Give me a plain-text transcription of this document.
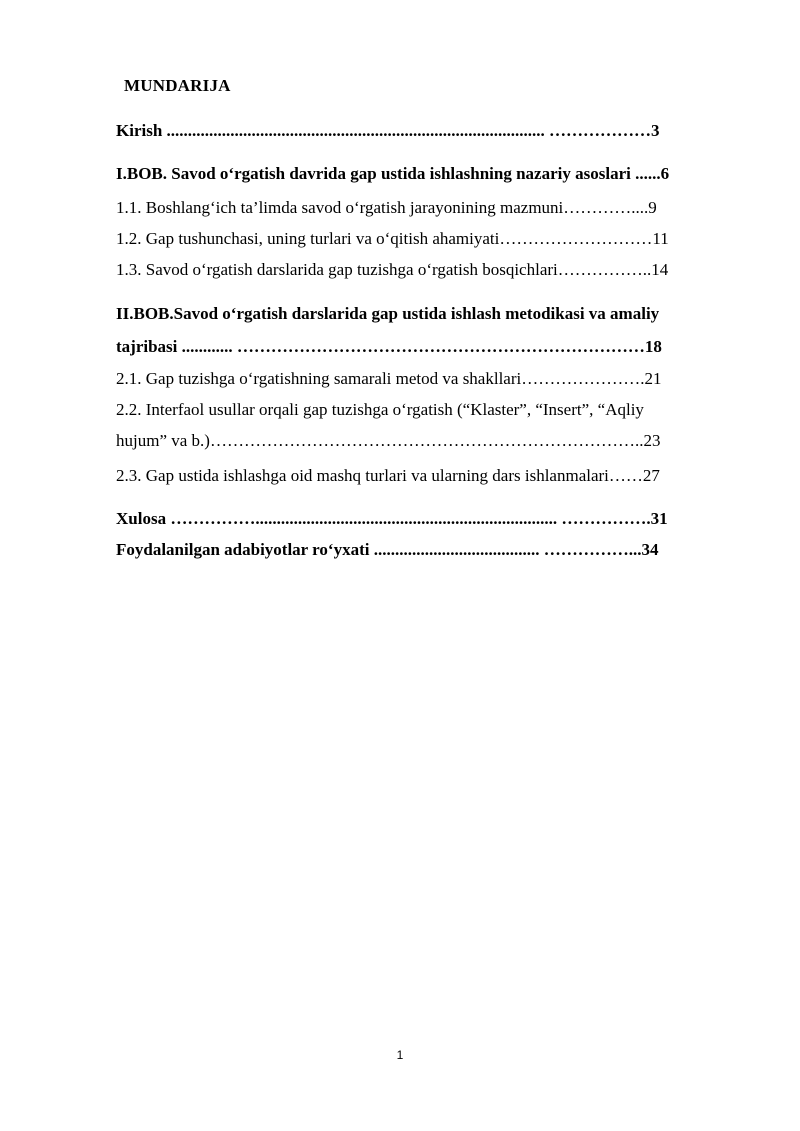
MUNDARIJA
Kirish ......................................................................................... ………………3
I.BOB. Savod o‘rgatish davrida gap ustida ishlashning nazariy asoslari ......6
1.1. Boshlang‘ich ta’limda savod o‘rgatish jarayonining mazmuni…………....9
1.2. Gap tushunchasi, uning turlari va o‘qitish ahamiyati………………………11
1.3. Savod o‘rgatish darslarida gap tuzishga o‘rgatish bosqichlari……………..14
II.BOB.Savod o‘rgatish darslarida gap ustida ishlash metodikasi va amaliy
tajribasi ............ ………………………………………………………………18
2.1. Gap tuzishga o‘rgatishning samarali metod va shakllari………………….21
2.2. Interfaol usullar orqali gap tuzishga o‘rgatish (“Klaster”, “Insert”, “Aqliy
hujum” va b.)…………………………………………………………………..23
2.3. Gap ustida ishlashga oid mashq turlari va ularning dars ishlanmalari……27
Xulosa ……………....................................................................... …………….31
Foydalanilgan adabiyotlar ro‘yxati ....................................... ……………...34
1
